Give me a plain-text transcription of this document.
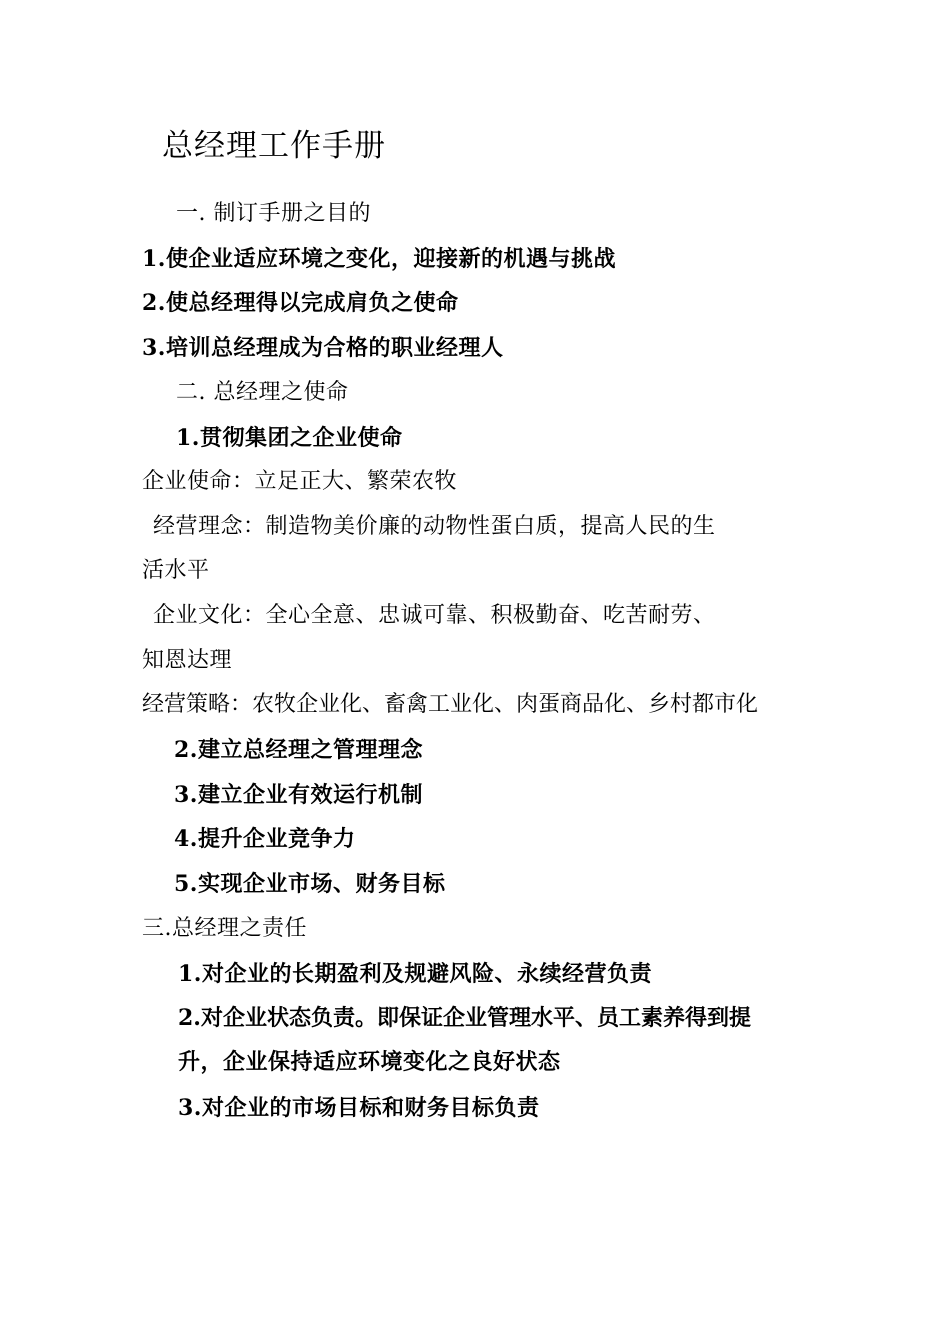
总经理工作手册
一. 制订手册之目的
1.使企业适应环境之变化，迎接新的机遇与挑战
2.使总经理得以完成肩负之使命
3.培训总经理成为合格的职业经理人
二. 总经理之使命
1.贯彻集团之企业使命
企业使命：立足正大、繁荣农牧
经营理念：制造物美价廉的动物性蛋白质，提高人民的生
活水平
企业文化：全心全意、忠诚可靠、积极勤奋、吃苦耐劳、
知恩达理
经营策略：农牧企业化、畜禽工业化、肉蛋商品化、乡村都市化
2.建立总经理之管理理念
3.建立企业有效运行机制
4.提升企业竞争力
5.实现企业市场、财务目标
三.总经理之责任
1.对企业的长期盈利及规避风险、永续经营负责
2.对企业状态负责。即保证企业管理水平、员工素养得到提
升，企业保持适应环境变化之良好状态
3.对企业的市场目标和财务目标负责
